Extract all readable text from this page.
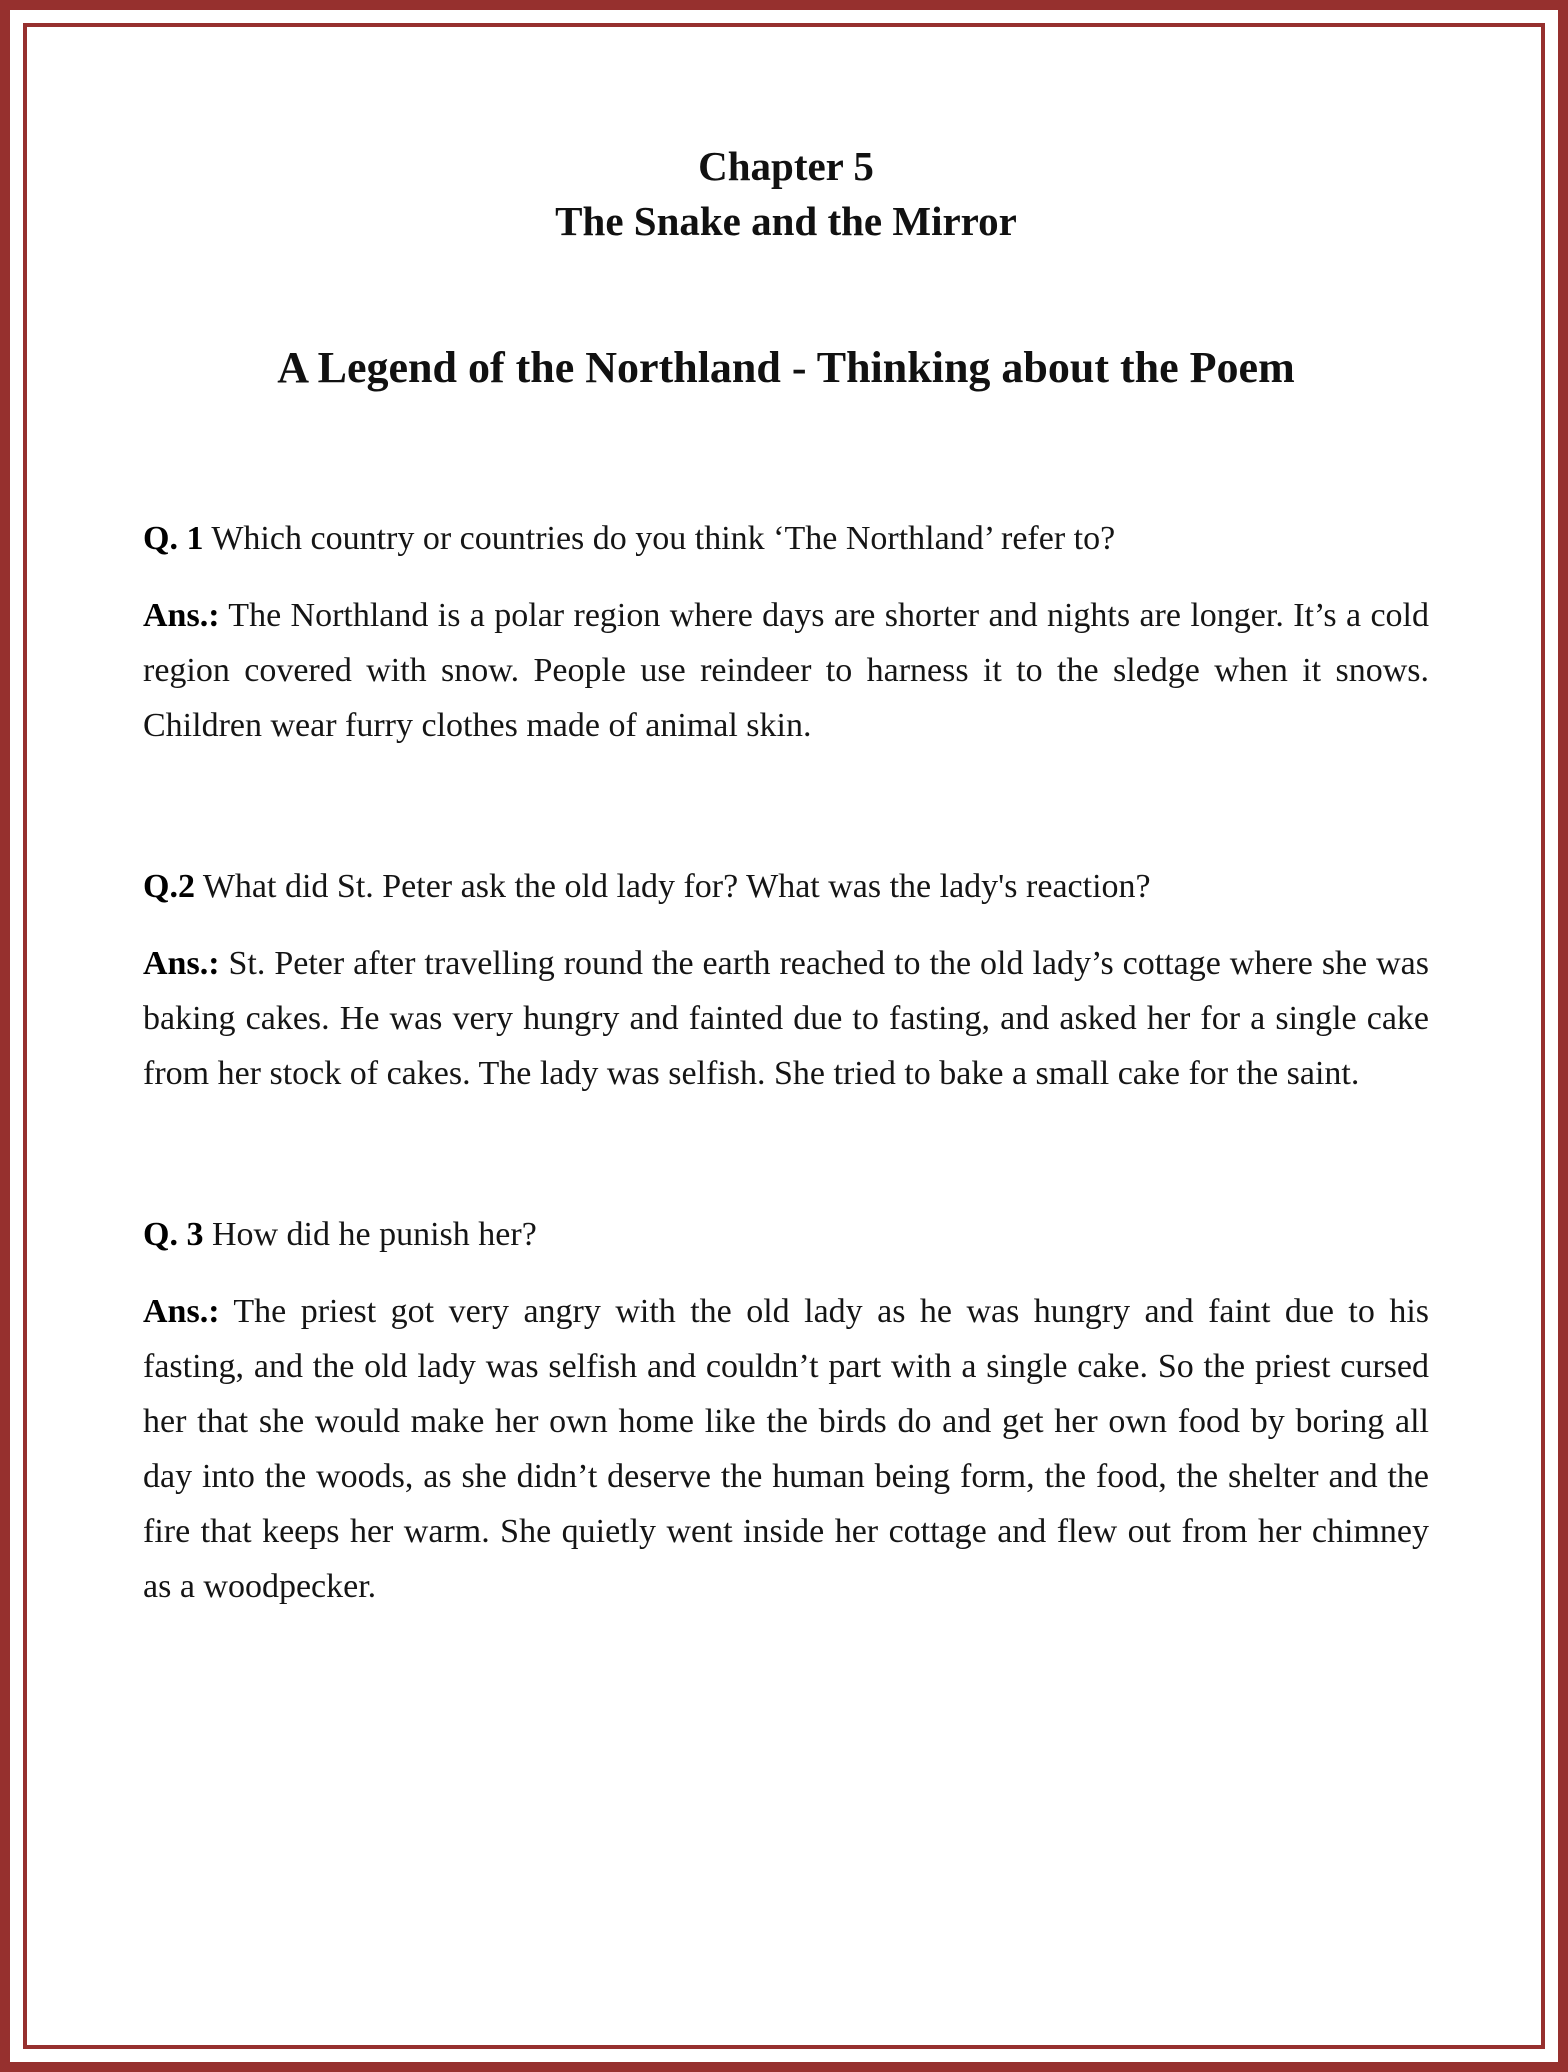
Chapter 5
The Snake and the Mirror
A Legend of the Northland - Thinking about the Poem

Q. 1 Which country or countries do you think ‘The Northland’ refer to?

Ans.: The Northland is a polar region where days are shorter and nights are longer. It’s a cold region covered with snow. People use reindeer to harness it to the sledge when it snows. Children wear furry clothes made of animal skin.

Q.2 What did St. Peter ask the old lady for? What was the lady's reaction?

Ans.: St. Peter after travelling round the earth reached to the old lady’s cottage where she was baking cakes. He was very hungry and fainted due to fasting, and asked her for a single cake from her stock of cakes. The lady was selfish. She tried to bake a small cake for the saint.

Q. 3 How did he punish her?

Ans.: The priest got very angry with the old lady as he was hungry and faint due to his fasting, and the old lady was selfish and couldn’t part with a single cake. So the priest cursed her that she would make her own home like the birds do and get her own food by boring all day into the woods, as she didn’t deserve the human being form, the food, the shelter and the fire that keeps her warm. She quietly went inside her cottage and flew out from her chimney as a woodpecker.
